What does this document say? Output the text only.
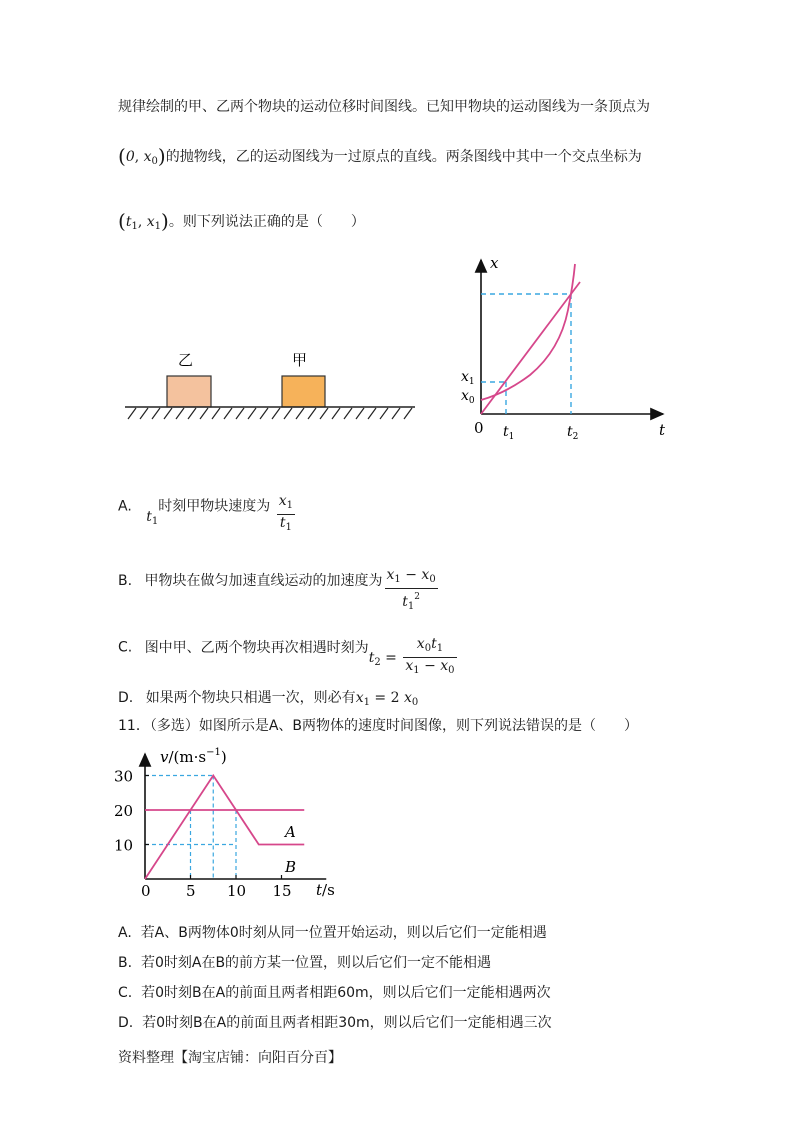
规律绘制的甲、乙两个物块的运动位移时间图线。已知甲物块的运动图线为一条顶点为
(0, $x_0$)的抛物线，乙的运动图线为一过原点的直线。两条图线中其中一个交点坐标为
($t_1$, $x_1$)。则下列说法正确的是（　　）
乙	甲
x
t
0
$x_1$
$x_0$
$t_1$	$t_2$
A. $t_1$时刻甲物块速度为 $\frac{x_1}{t_1}$
B. 甲物块在做匀加速直线运动的加速度为 $\frac{x_1 - x_0}{t_1^2}$
C. 图中甲、乙两个物块再次相遇时刻为$t_2 = \frac{x_0t_1}{x_1 - x_0}$
D. 如果两个物块只相遇一次，则必有$x_1 = 2$ $x_0$
11．（多选）如图所示是A、B两物体的速度时间图像，则下列说法错误的是（　　）
$v/(m\cdot s^{-1})$
0 5 10 15
10
20
30
t/s
A
B
A. 若A、B两物体0时刻从同一位置开始运动，则以后它们一定能相遇
B. 若0时刻A在B的前方某一位置，则以后它们一定不能相遇
C. 若0时刻B在A的前面且两者相距60m，则以后它们一定能相遇两次
D. 若0时刻B在A的前面且两者相距30m，则以后它们一定能相遇三次
资料整理【淘宝店铺：向阳百分百】
